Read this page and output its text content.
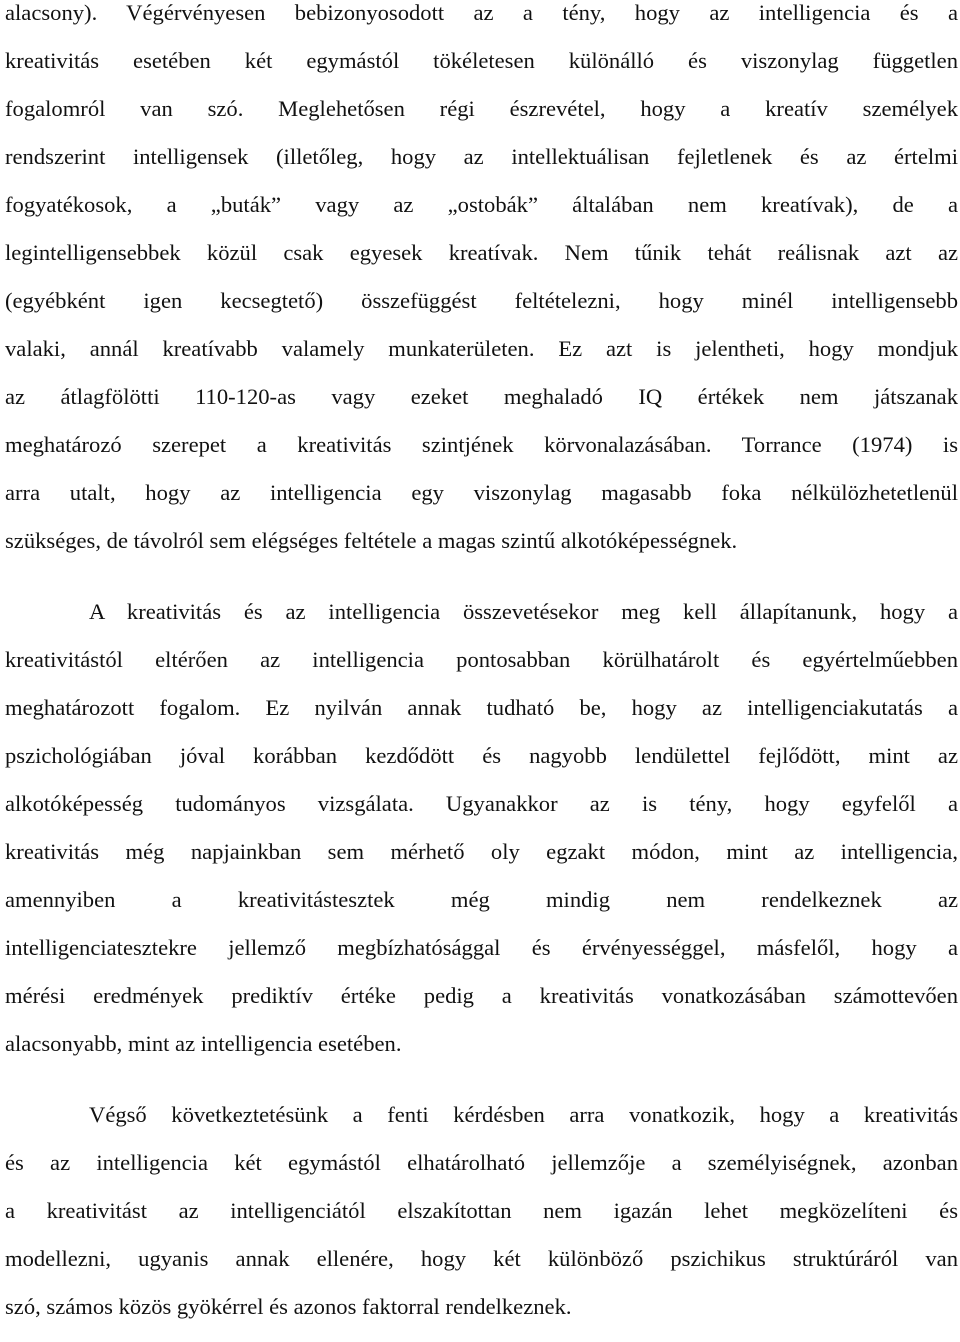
alacsony). Végérvényesen bebizonyosodott az a tény, hogy az intelligencia és a
kreativitás esetében két egymástól tökéletesen különálló és viszonylag független
fogalomról van szó. Meglehetősen régi észrevétel, hogy a kreatív személyek
rendszerint intelligensek (illetőleg, hogy az intellektuálisan fejletlenek és az értelmi
fogyatékosok, a „buták” vagy az „ostobák” általában nem kreatívak), de a
legintelligensebbek közül csak egyesek kreatívak. Nem tűnik tehát reálisnak azt az
(egyébként igen kecsegtető) összefüggést feltételezni, hogy minél intelligensebb
valaki, annál kreatívabb valamely munkaterületen. Ez azt is jelentheti, hogy mondjuk
az átlagfölötti 110-120-as vagy ezeket meghaladó IQ értékek nem játszanak
meghatározó szerepet a kreativitás szintjének körvonalazásában. Torrance (1974) is
arra utalt, hogy az intelligencia egy viszonylag magasabb foka nélkülözhetetlenül
szükséges, de távolról sem elégséges feltétele a magas szintű alkotóképességnek.
A kreativitás és az intelligencia összevetésekor meg kell állapítanunk, hogy a
kreativitástól eltérően az intelligencia pontosabban körülhatárolt és egyértelműebben
meghatározott fogalom. Ez nyilván annak tudható be, hogy az intelligenciakutatás a
pszichológiában jóval korábban kezdődött és nagyobb lendülettel fejlődött, mint az
alkotóképesség tudományos vizsgálata. Ugyanakkor az is tény, hogy egyfelől a
kreativitás még napjainkban sem mérhető oly egzakt módon, mint az intelligencia,
amennyiben a kreativitástesztek még mindig nem rendelkeznek az
intelligenciatesztekre jellemző megbízhatósággal és érvényességgel, másfelől, hogy a
mérési eredmények prediktív értéke pedig a kreativitás vonatkozásában számottevően
alacsonyabb, mint az intelligencia esetében.
Végső következtetésünk a fenti kérdésben arra vonatkozik, hogy a kreativitás
és az intelligencia két egymástól elhatárolható jellemzője a személyiségnek, azonban
a kreativitást az intelligenciától elszakítottan nem igazán lehet megközelíteni és
modellezni, ugyanis annak ellenére, hogy két különböző pszichikus struktúráról van
szó, számos közös gyökérrel és azonos faktorral rendelkeznek.
